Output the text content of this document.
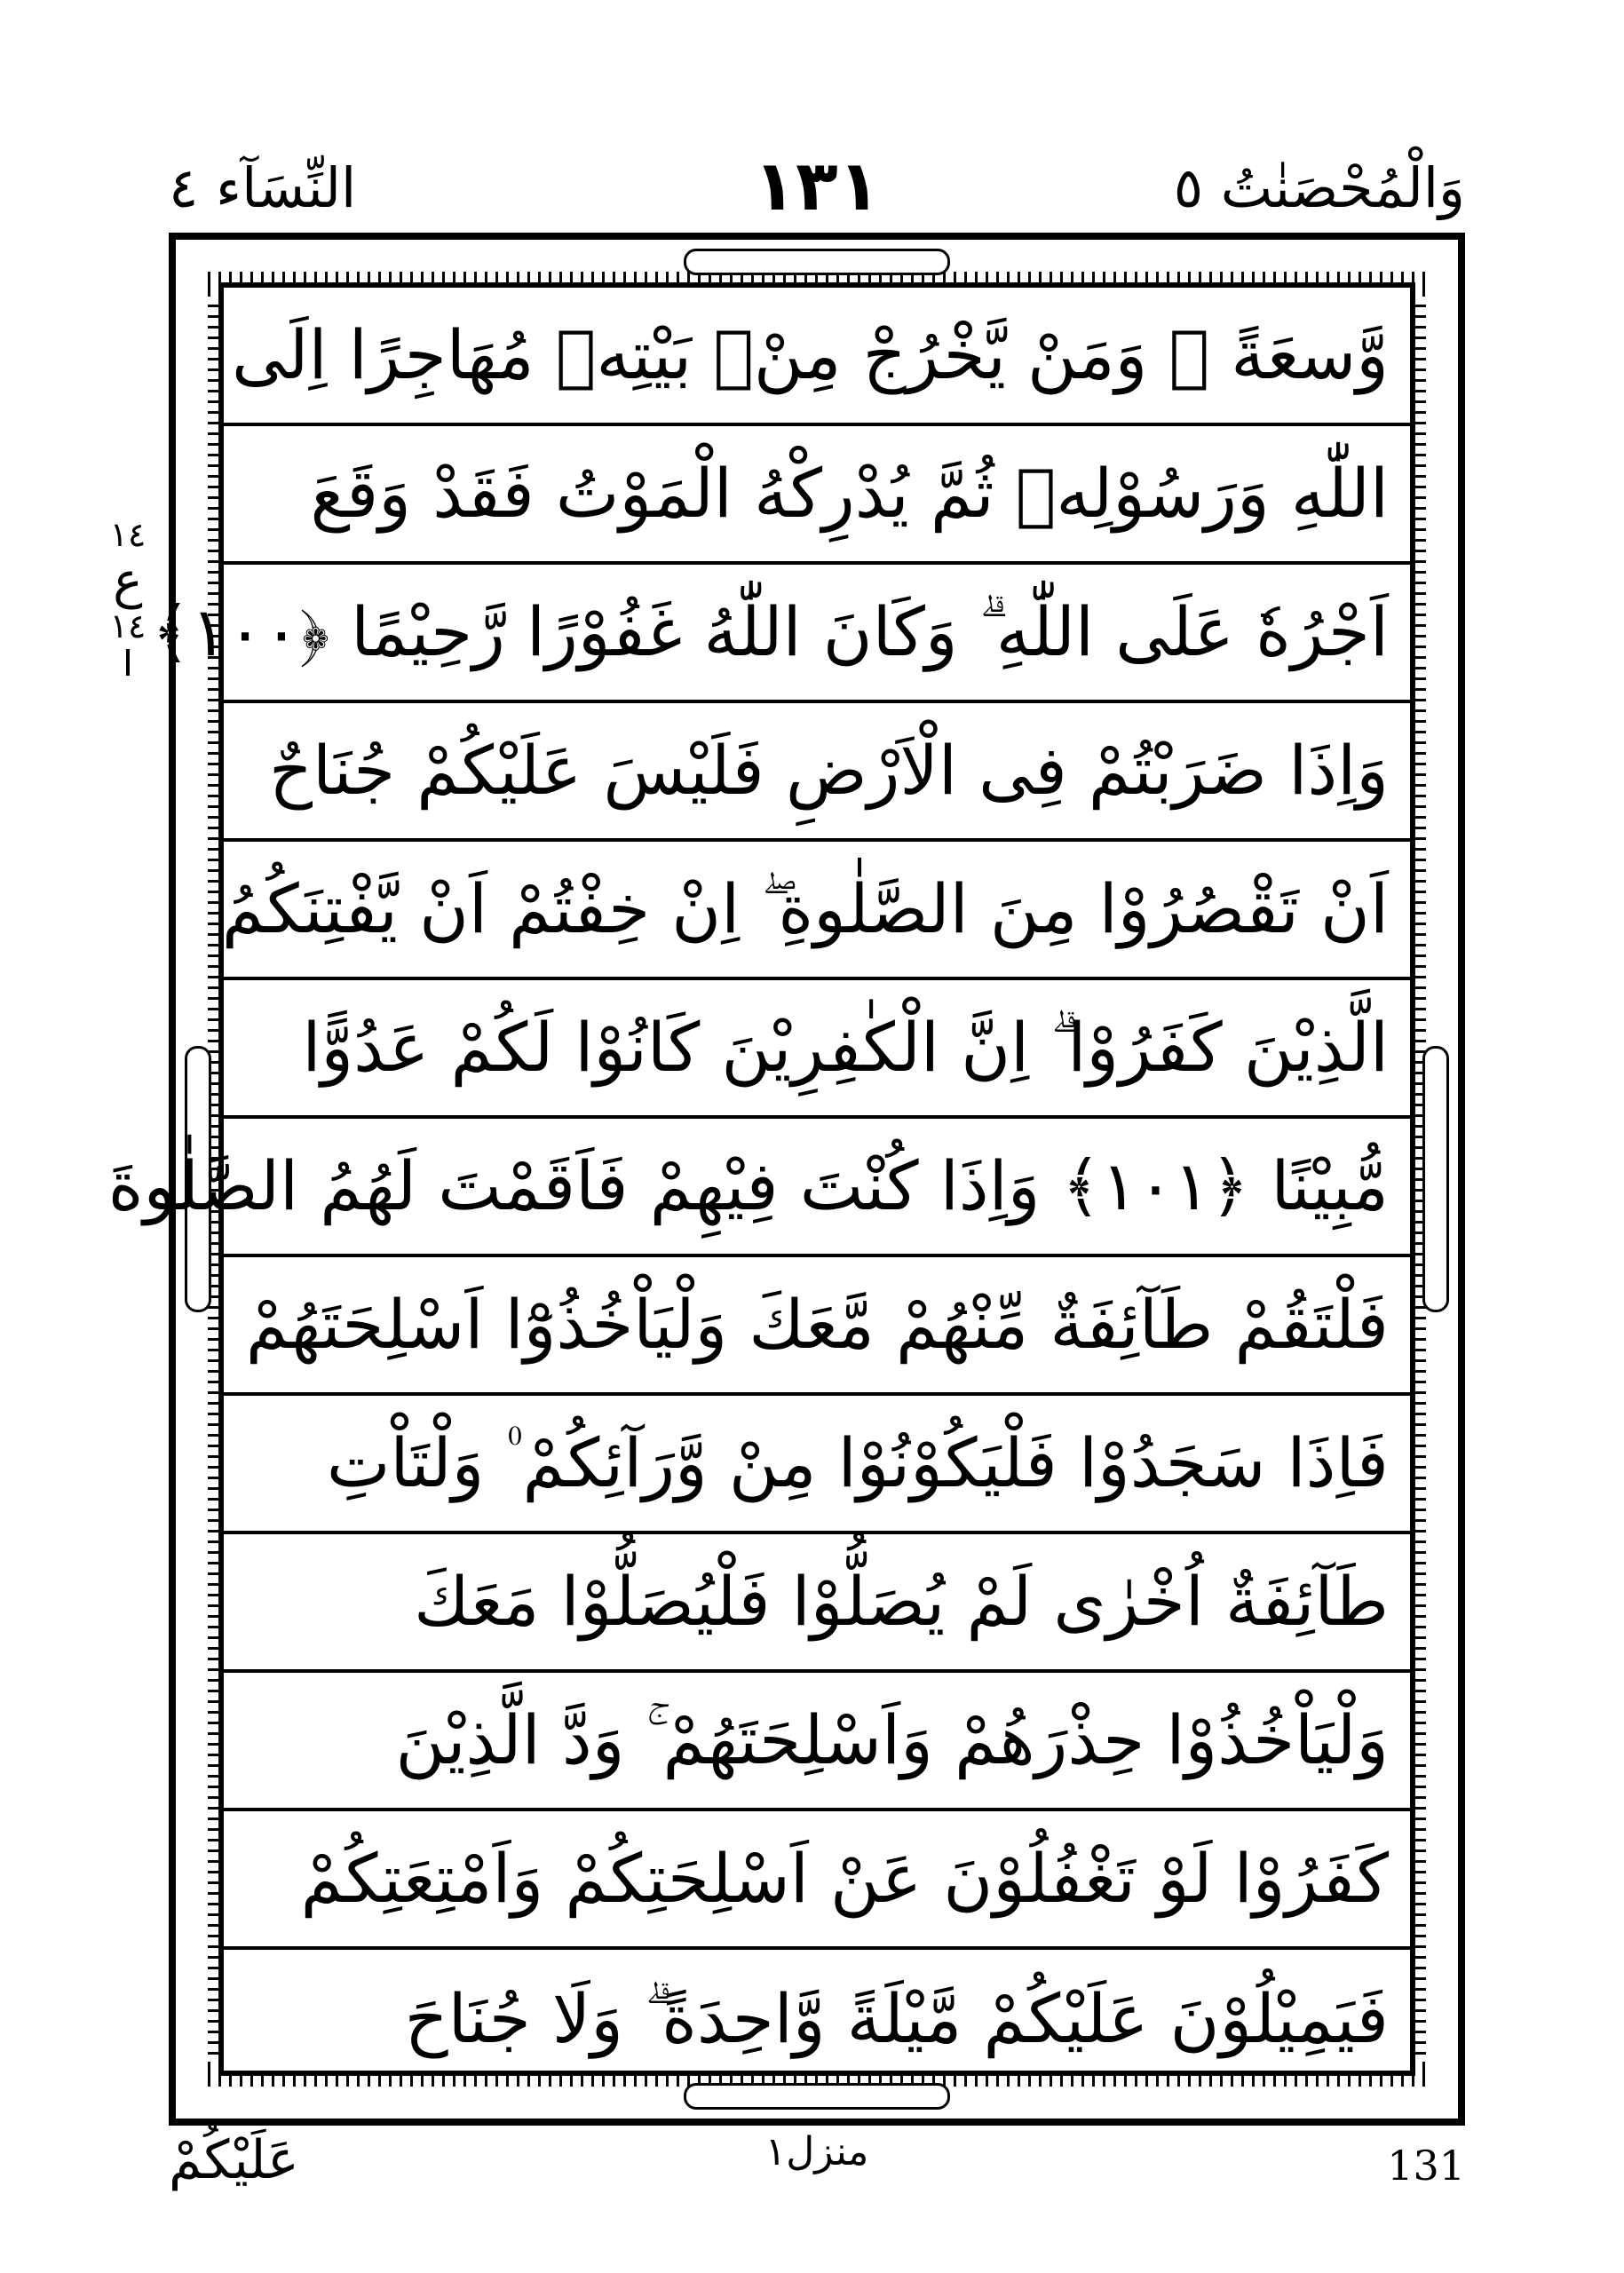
وَالْمُحْصَنٰتُ ٥
١٣١
النِّسَآء ٤
١٤
ع
١٤
وَّسعَةً ۚ وَمَنْ يَّخْرُجْ مِنْۢ بَيْتِهٖ مُهَاجِرًا اِلَى
اللّٰهِ وَرَسُوْلِهٖ ثُمَّ يُدْرِكْهُ الْمَوْتُ فَقَدْ وَقَعَ
اَجْرُهٗ عَلَى اللّٰهِ ۗ وَكَانَ اللّٰهُ غَفُوْرًا رَّحِيْمًا ﴿١٠٠﴾
وَاِذَا ضَرَبْتُمْ فِى الْاَرْضِ فَلَيْسَ عَلَيْكُمْ جُنَاحٌ
اَنْ تَقْصُرُوْا مِنَ الصَّلٰوةِ ۖ اِنْ خِفْتُمْ اَنْ يَّفْتِنَكُمُ
الَّذِيْنَ كَفَرُوْا ۗ اِنَّ الْكٰفِرِيْنَ كَانُوْا لَكُمْ عَدُوًّا
مُّبِيْنًا ﴿١٠١﴾ وَاِذَا كُنْتَ فِيْهِمْ فَاَقَمْتَ لَهُمُ الصَّلٰوةَ
فَلْتَقُمْ طَآئِفَةٌ مِّنْهُمْ مَّعَكَ وَلْيَاْخُذُوْٓا اَسْلِحَتَهُمْ
فَاِذَا سَجَدُوْا فَلْيَكُوْنُوْا مِنْ وَّرَآئِكُمْ ۠ وَلْتَاْتِ
طَآئِفَةٌ اُخْرٰى لَمْ يُصَلُّوْا فَلْيُصَلُّوْا مَعَكَ
وَلْيَاْخُذُوْا حِذْرَهُمْ وَاَسْلِحَتَهُمْ ۚ وَدَّ الَّذِيْنَ
كَفَرُوْا لَوْ تَغْفُلُوْنَ عَنْ اَسْلِحَتِكُمْ وَاَمْتِعَتِكُمْ
فَيَمِيْلُوْنَ عَلَيْكُمْ مَّيْلَةً وَّاحِدَةً ۗ وَلَا جُنَاحَ
عَلَيْكُمْ	منزل١	131
